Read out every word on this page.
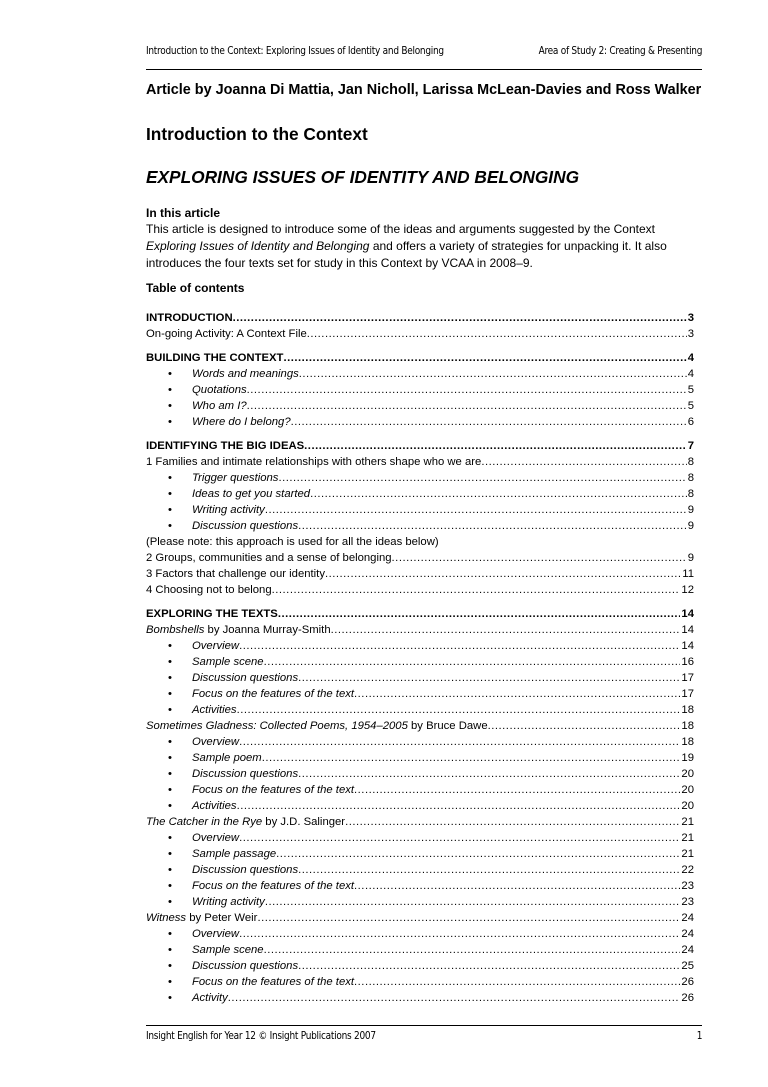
Introduction to the Context: Exploring Issues of Identity and Belonging	Area of Study 2: Creating & Presenting
Article by Joanna Di Mattia, Jan Nicholl, Larissa McLean-Davies and Ross Walker
Introduction to the Context
EXPLORING ISSUES OF IDENTITY AND BELONGING
In this article
This article is designed to introduce some of the ideas and arguments suggested by the Context Exploring Issues of Identity and Belonging and offers a variety of strategies for unpacking it. It also introduces the four texts set for study in this Context by VCAA in 2008–9.
Table of contents
INTRODUCTION .....	3
On-going Activity: A Context File .....	3
BUILDING THE CONTEXT .....	4
• Words and meanings .....	4
• Quotations .....	5
• Who am I? .....	5
• Where do I belong? .....	6
IDENTIFYING THE BIG IDEAS .....	7
1 Families and intimate relationships with others shape who we are .....	8
• Trigger questions .....	8
• Ideas to get you started .....	8
• Writing activity .....	9
• Discussion questions .....	9
(Please note: this approach is used for all the ideas below)
2 Groups, communities and a sense of belonging .....	9
3 Factors that challenge our identity .....	11
4 Choosing not to belong .....	12
EXPLORING THE TEXTS .....	14
Bombshells by Joanna Murray-Smith .....	14
• Overview .....	14
• Sample scene .....	16
• Discussion questions .....	17
• Focus on the features of the text .....	17
• Activities .....	18
Sometimes Gladness: Collected Poems, 1954–2005 by Bruce Dawe .....	18
• Overview .....	18
• Sample poem .....	19
• Discussion questions .....	20
• Focus on the features of the text .....	20
• Activities .....	20
The Catcher in the Rye by J.D. Salinger .....	21
• Overview .....	21
• Sample passage .....	21
• Discussion questions .....	22
• Focus on the features of the text .....	23
• Writing activity .....	23
Witness by Peter Weir .....	24
• Overview .....	24
• Sample scene .....	24
• Discussion questions .....	25
• Focus on the features of the text .....	26
• Activity .....	26
Insight English for Year 12 © Insight Publications 2007	1
